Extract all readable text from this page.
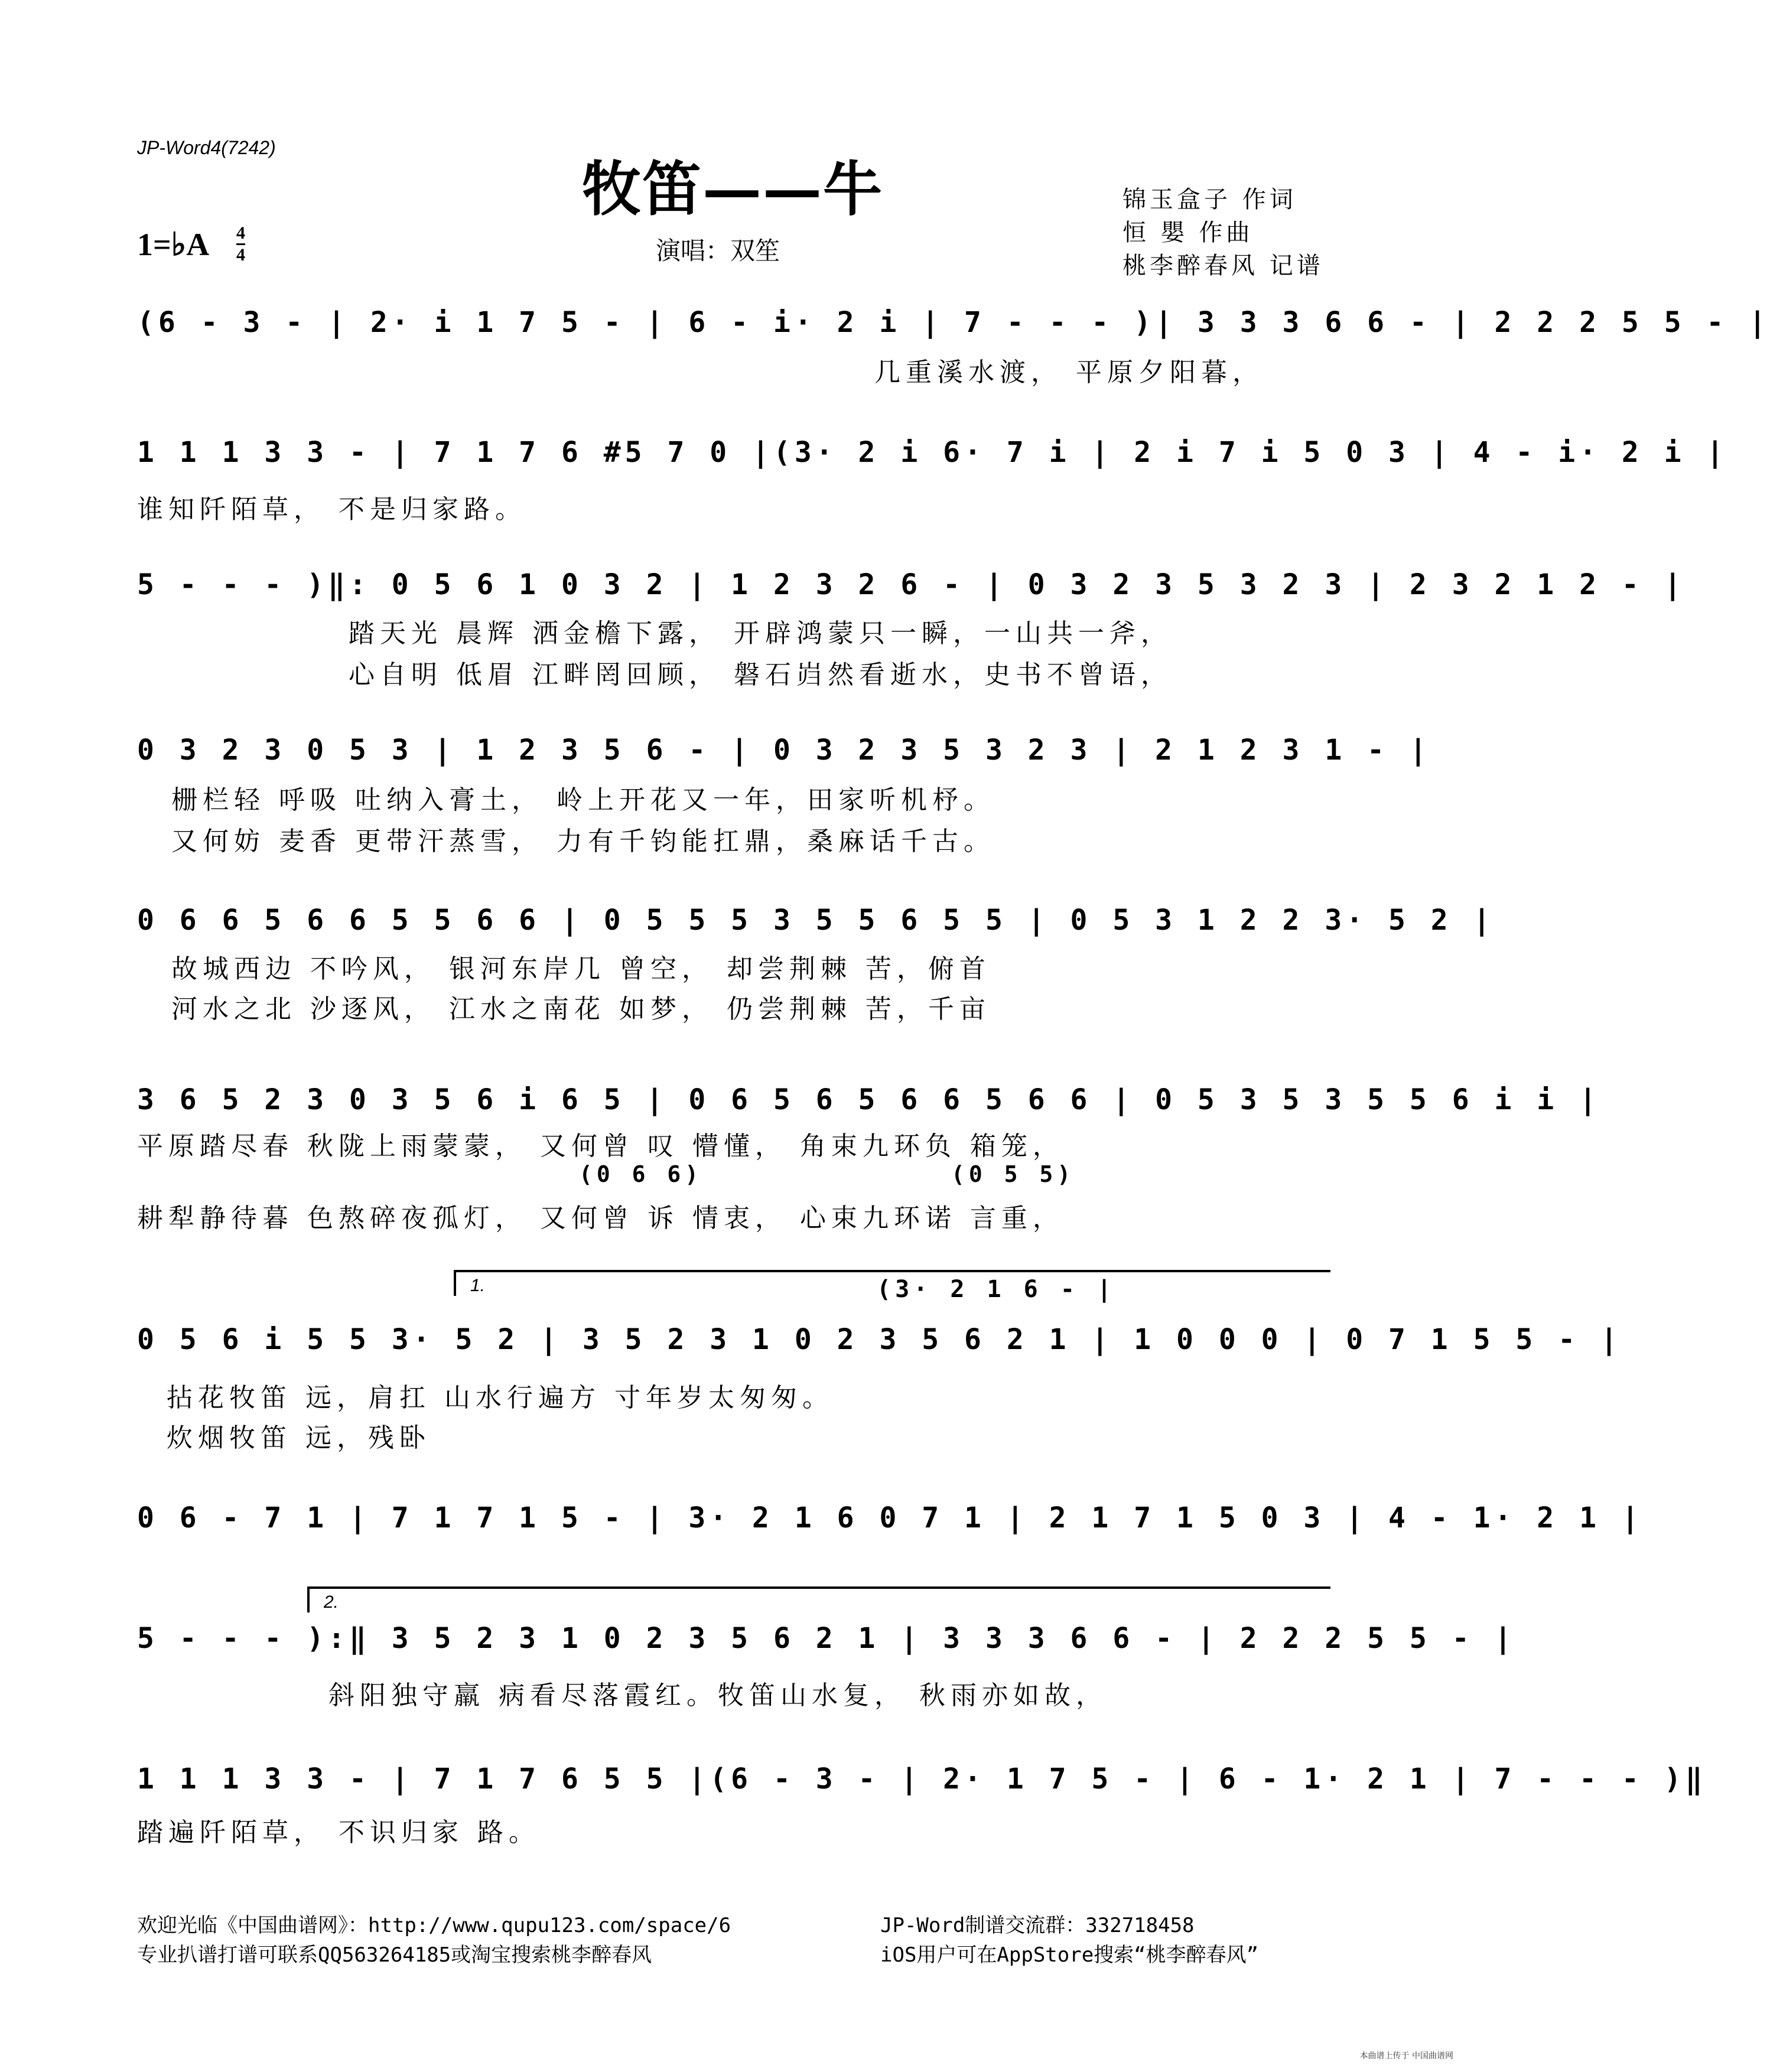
JP-Word4(7242)
牧笛——牛
1=♭A $\frac{4}{4}$	演唱：双笙
锦玉盒子 作词
恒 嬰 作曲
桃李醉春风 记谱
(6 - 3 - | 2· i 1 7 5 - | 6 - i· 2 i | 7 - - - )| 3 3 3 6 6 - | 2 2 2 5 5 - |
几重溪水渡， 平原夕阳暮，
1 1 1 3 3 - | 7 1 7 6 #5 7 0 |(3· 2 i 6· 7 i | 2 i 7 i 5 0 3 | 4 - i· 2 i |
谁知阡陌草， 不是归家路。
5 - - - )‖: 0 5 6 1 0 3 2 | 1 2 3 2 6 - | 0 3 2 3 5 3 2 3 | 2 3 2 1 2 - |
踏天光 晨辉 洒金檐下露， 开辟鸿蒙只一瞬，一山共一斧，
心自明 低眉 江畔罔回顾， 磐石岿然看逝水，史书不曾语，
0 3 2 3 0 5 3 | 1 2 3 5 6 - | 0 3 2 3 5 3 2 3 | 2 1 2 3 1 - |
栅栏轻 呼吸 吐纳入膏土， 岭上开花又一年，田家听机杼。
又何妨 麦香 更带汗蒸雪， 力有千钧能扛鼎，桑麻话千古。
0 6 6 5 6 6 5 5 6 6 | 0 5 5 5 3 5 5 6 5 5 | 0 5 3 1 2 2 3· 5 2 |
故城西边 不吟风， 银河东岸几 曾空， 却尝荆棘 苦，俯首
河水之北 沙逐风， 江水之南花 如梦， 仍尝荆棘 苦，千亩
3 6 5 2 3 0 3 5 6 i 6 5 | 0 6 5 6 5 6 6 5 6 6 | 0 5 3 5 3 5 5 6 i i |
平原踏尽春 秋陇上雨蒙蒙， 又何曾 叹 懵懂， 角束九环负 箱笼，
(0 6 6)	(0 5 5)
耕犁静待暮 色熬碎夜孤灯， 又何曾 诉 情衷， 心束九环诺 言重，
1.	(3· 2 1 6 - |
0 5 6 i 5 5 3· 5 2 | 3 5 2 3 1 0 2 3 5 6 2 1 | 1 0 0 0 | 0 7 1 5 5 - |
拈花牧笛 远，肩扛 山水行遍方 寸年岁太匆匆。
炊烟牧笛 远，残卧
0 6 - 7 1 | 7 1 7 1 5 - | 3· 2 1 6 0 7 1 | 2 1 7 1 5 0 3 | 4 - 1· 2 1 |
2.
5 - - - ):‖ 3 5 2 3 1 0 2 3 5 6 2 1 | 3 3 3 6 6 - | 2 2 2 5 5 - |
斜阳独守羸 病看尽落霞红。牧笛山水复， 秋雨亦如故，
1 1 1 3 3 - | 7 1 7 6 5 5 |(6 - 3 - | 2· 1 7 5 - | 6 - 1· 2 1 | 7 - - - )‖
踏遍阡陌草， 不识归家 路。
欢迎光临《中国曲谱网》：http://www.qupu123.com/space/6
专业扒谱打谱可联系QQ563264185或淘宝搜索桃李醉春风
JP-Word制谱交流群：332718458
iOS用户可在AppStore搜索“桃李醉春风”
本曲谱上传于 中国曲谱网
